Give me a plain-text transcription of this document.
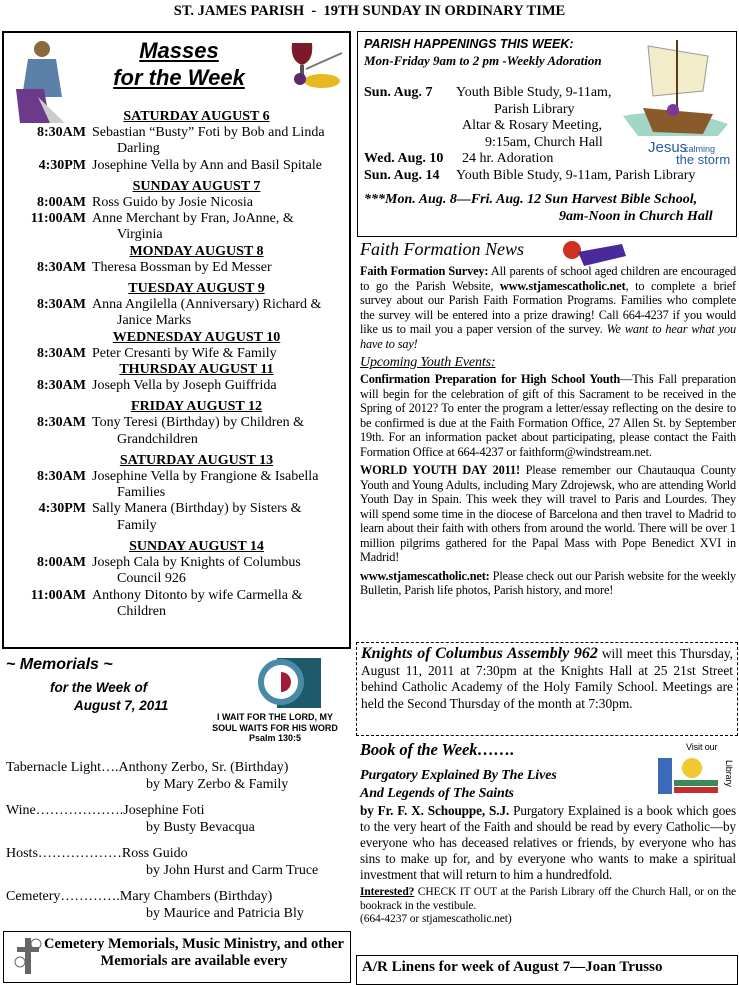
ST. JAMES PARISH  -  19TH SUNDAY IN ORDINARY TIME
Masses
for the Week
SATURDAY AUGUST 6
8:30AM Sebastian “Busty” Foti by Bob and Linda
Darling
4:30PM Josephine Vella by Ann and Basil Spitale
SUNDAY AUGUST 7
8:00AM Ross Guido by Josie Nicosia
11:00AM Anne Merchant by Fran, JoAnne, &
Virginia
MONDAY AUGUST 8
8:30AM Theresa Bossman by Ed Messer
TUESDAY AUGUST 9
8:30AM Anna Angilella (Anniversary) Richard &
Janice Marks
WEDNESDAY AUGUST 10
8:30AM Peter Cresanti by Wife & Family
THURSDAY AUGUST 11
8:30AM Joseph Vella by Joseph Guiffrida
FRIDAY AUGUST 12
8:30AM Tony Teresi (Birthday) by Children &
Grandchildren
SATURDAY AUGUST 13
8:30AM Josephine Vella by Frangione & Isabella
Families
4:30PM Sally Manera (Birthday) by Sisters &
Family
SUNDAY AUGUST 14
8:00AM Joseph Cala by Knights of Columbus
Council 926
11:00AM Anthony Ditonto by wife Carmella &
Children
~ Memorials ~
for the Week of
August 7, 2011
I WAIT FOR THE LORD, MY SOUL WAITS FOR HIS WORD Psalm 130:5
Tabernacle Light….Anthony Zerbo, Sr. (Birthday)
by Mary Zerbo & Family
Wine……………….Josephine Foti
by Busty Bevacqua
Hosts………………Ross Guido
by John Hurst and Carm Truce
Cemetery………….Mary Chambers (Birthday)
by Maurice and Patricia Bly
Cemetery Memorials, Music Ministry, and other Memorials are available every
Jesus
calming
the storm
PARISH HAPPENINGS THIS WEEK:
Mon-Friday 9am to 2 pm -Weekly Adoration
Sun. Aug. 7	Youth Bible Study, 9-11am,
Parish Library
Altar & Rosary Meeting,
9:15am, Church Hall
Wed. Aug. 10	24 hr. Adoration
Sun. Aug. 14	Youth Bible Study, 9-11am, Parish Library
***Mon. Aug. 8—Fri. Aug. 12 Sun Harvest Bible School,
9am-Noon in Church Hall
Faith Formation News

Faith Formation Survey: All parents of school aged children are encouraged to go the Parish Website, www.stjamescatholic.net, to complete a brief survey about our Parish Faith Formation Programs. Families who complete the survey will be entered into a prize drawing! Call 664-4237 if you would like us to mail you a paper version of the survey. We want to hear what you have to say!

Upcoming Youth Events:

Confirmation Preparation for High School Youth—This Fall preparation will begin for the celebration of gift of this Sacrament to be received in the Spring of 2012? To enter the program a letter/essay reflecting on the desire to be confirmed is due at the Faith Formation Office, 27 Allen St. by September 19th. For an information packet about participating, please contact the Faith Formation Office at 664-4237 or faithform@windstream.net.

WORLD YOUTH DAY 2011! Please remember our Chautauqua County Youth and Young Adults, including Mary Zdrojewsk, who are attending World Youth Day in Spain. This week they will travel to Paris and Lourdes. They will spend some time in the diocese of Barcelona and then travel to Madrid to learn about their faith with others from around the world. There will be over 1 million pilgrims gathered for the Papal Mass with Pope Benedict XVI in Madrid!

www.stjamescatholic.net: Please check out our Parish website for the weekly Bulletin, Parish life photos, Parish history, and more!

Knights of Columbus Assembly 962 will meet this Thursday, August 11, 2011 at 7:30pm at the Knights Hall at 25 21st Street behind Catholic Academy of the Holy Family School. Meetings are held the Second Thursday of the month at 7:30pm.
Book of the Week…….	Visit our
Library
Purgatory Explained By The Lives
And Legends of The Saints

by Fr. F. X. Schouppe, S.J. Purgatory Explained is a book which goes to the very heart of the Faith and should be read by every Catholic—by everyone who has deceased relatives or friends, by everyone who has sins to make up for, and by everyone who wants to make a spiritual investment that will return to him a hundredfold.

Interested? CHECK IT OUT at the Parish Library off the Church Hall, or on the bookrack in the vestibule.

(664-4237 or stjamescatholic.net)

A/R Linens for week of August 7—Joan Trusso
